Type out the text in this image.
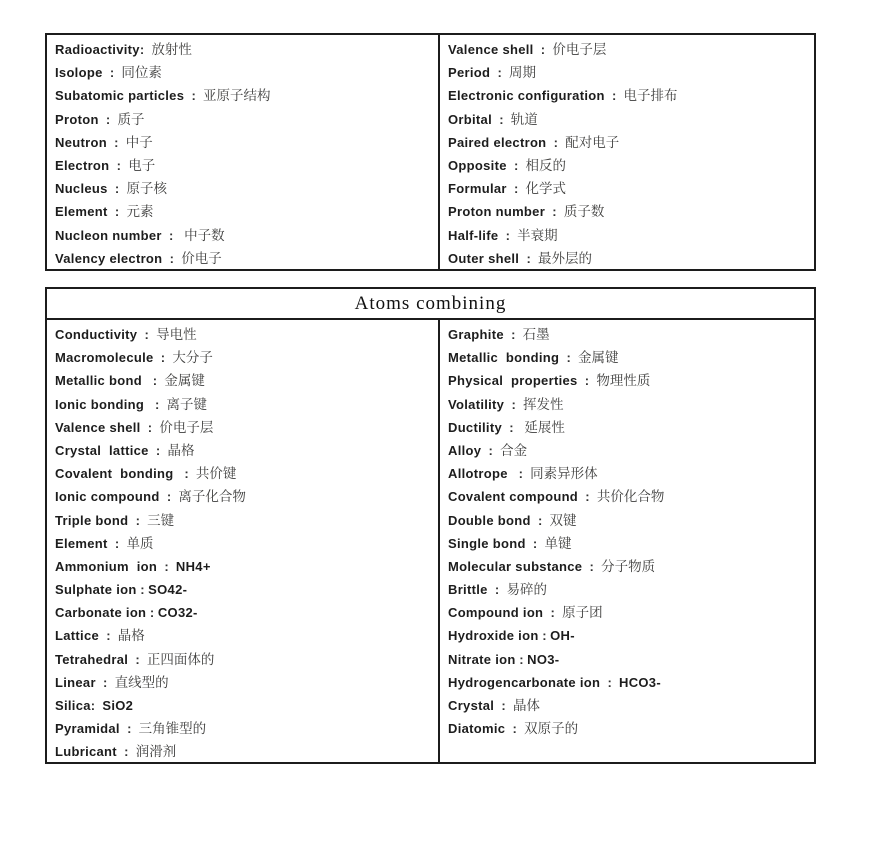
Radioactivity:  放射性
Isolope  :  同位素
Subatomic particles  :  亚原子结构
Proton  :  质子
Neutron  :  中子
Electron  :  电子
Nucleus  :  原子核
Element  :  元素
Nucleon number  :   中子数
Valency electron  :  价电子
Valence shell  :  价电子层
Period  :  周期
Electronic configuration  :  电子排布
Orbital  :  轨道
Paired electron  :  配对电子
Opposite  :  相反的
Formular  :  化学式
Proton number  :  质子数
Half-life  :  半衰期
Outer shell  :  最外层的
Atoms combining
Conductivity  :  导电性
Macromolecule  :  大分子
Metallic bond   :  金属键
Ionic bonding   :  离子键
Valence shell  :  价电子层
Crystal  lattice  :  晶格
Covalent  bonding   :  共价键
Ionic compound  :  离子化合物
Triple bond  :  三键
Element  :  单质
Ammonium  ion  :  NH4+
Sulphate ion : SO42-
Carbonate ion : CO32-
Lattice  :  晶格
Tetrahedral  :  正四面体的
Linear  :  直线型的
Silica:  SiO2
Pyramidal  :  三角锥型的
Lubricant  :  润滑剂
Graphite  :  石墨
Metallic  bonding  :  金属键
Physical  properties  :  物理性质
Volatility  :  挥发性
Ductility  :   延展性
Alloy  :  合金
Allotrope   :  同素异形体
Covalent compound  :  共价化合物
Double bond  :  双键
Single bond  :  单键
Molecular substance  :  分子物质
Brittle  :  易碎的
Compound ion  :  原子团
Hydroxide ion : OH-
Nitrate ion : NO3-
Hydrogencarbonate ion  :  HCO3-
Crystal  :  晶体
Diatomic  :  双原子的
